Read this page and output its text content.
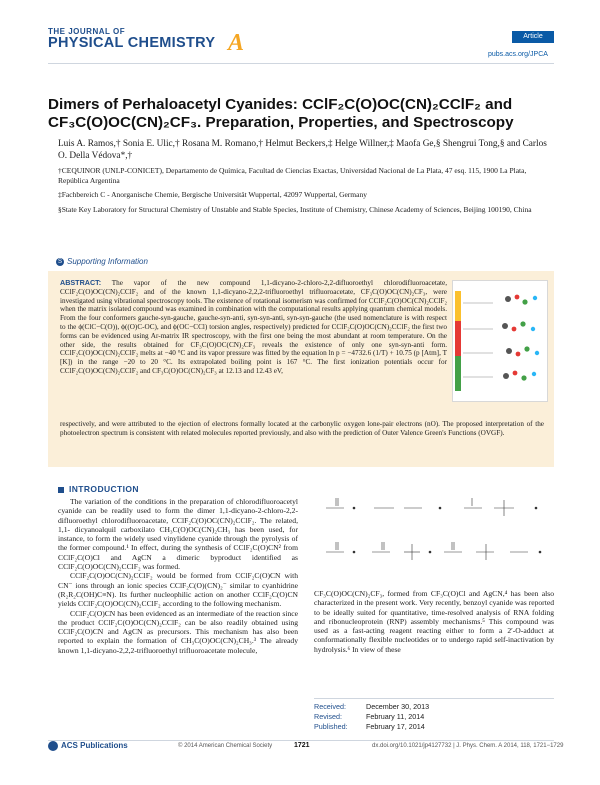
THE JOURNAL OF
PHYSICAL CHEMISTRY A	Article
pubs.acs.org/JPCA
Dimers of Perhaloacetyl Cyanides: CClF₂C(O)OC(CN)₂CClF₂ and CF₃C(O)OC(CN)₂CF₃. Preparation, Properties, and Spectroscopy
Luis A. Ramos,† Sonia E. Ulic,† Rosana M. Romano,† Helmut Beckers,‡ Helge Willner,‡ Maofa Ge,§ Shengrui Tong,§ and Carlos O. Della Védova*,†
†CEQUINOR (UNLP-CONICET), Departamento de Química, Facultad de Ciencias Exactas, Universidad Nacional de La Plata, 47 esq. 115, 1900 La Plata, República Argentina
‡Fachbereich C - Anorganische Chemie, Bergische Universität Wuppertal, 42097 Wuppertal, Germany
§State Key Laboratory for Structural Chemistry of Unstable and Stable Species, Institute of Chemistry, Chinese Academy of Sciences, Beijing 100190, China
S Supporting Information
ABSTRACT: The vapor of the new compound 1,1-dicyano-2-chloro-2,2-difluoroethyl chlorodifluoroacetate, CClF₂C(O)OC(CN)₂CClF₂ and of the known 1,1-dicyano-2,2,2-trifluoroethyl trifluoroacetate, CF₃C(O)OC(CN)₂CF₃, were investigated using vibrational spectroscopy tools. The existence of rotational isomerism was confirmed for CClF₂C(O)OC(CN)₂CClF₂ when the matrix isolated compound was examined in combination with the computational results applying quantum chemical models. From the four conformers gauche-syn-gauche, gauche-syn-anti, syn-syn-anti, syn-syn-gauche (the used nomenclature is with respect to the ϕ(ClC−C(O)), ϕ((O)C-OC), and ϕ(OC−CCl) torsion angles, respectively) predicted for CClF₂C(O)OC(CN)₂CClF₂ the first two forms can be evidenced using Ar-matrix IR spectroscopy, with the first one being the most abundant at room temperature. On the other side, the results obtained for CF₃C(O)OC(CN)₂CF₃ reveals the existence of only one syn-syn-anti form. CClF₂C(O)OC(CN)₂CClF₂ melts at −40 °C and its vapor pressure was fitted by the equation ln p = −4732.6 (1/T) + 10.75 (p [Atm], T [K]) in the range −20 to 20 °C. Its extrapolated boiling point is 167 °C. The first ionization potentials occur for CClF₂C(O)OC(CN)₂CClF₂ and CF₃C(O)OC(CN)₂CF₃ at 12.13 and 12.43 eV,
respectively, and were attributed to the ejection of electrons formally located at the carbonylic oxygen lone-pair electrons (nO). The proposed interpretation of the photoelectron spectrum is consistent with related molecules reported previously, and also with the prediction of Outer Valence Green's Functions (OVGF).
INTRODUCTION

The variation of the conditions in the preparation of chlorodifluoroacetyl cyanide can be readily used to form the dimer 1,1-dicyano-2-chloro-2,2-difluoroethyl chlorodifluoroacetate, CClF₂C(O)OC(CN)₂CClF₂. The related, 1,1- dicyanoalquil carboxilato CH₃C(O)OC(CN)₂CH₃ has been used, for instance, to form the widely used vinylidene cyanide through the pyrolysis of the former compound.¹ In effect, during the synthesis of CClF₂C(O)CN² from CClF₂C(O)Cl and AgCN a dimeric byproduct identified as CClF₂C(O)OC(CN)₂CClF₂ was formed.

CClF₂C(O)OC(CN)₂CClF₂ would be formed from CClF₂C(O)CN with CN⁻ ions through an ionic species CClF₂C(O)(CN)₂⁻ similar to cyanhidrine (R₂R₂C(OH)C≡N). Its further nucleophilic action on another CClF₂C(O)CN yields CClF₂C(O)OC(CN)₂CClF₂ according to the following mechanism.

CClF₂C(O)CN has been evidenced as an intermediate of the reaction since the product CClF₂C(O)OC(CN)₂CClF₂ can be also readily obtained using CClF₂C(O)CN and AgCN as precursors. This mechanism has also been reported to explain the formation of CH₃C(O)OC(CN)₂CH₃.³ The already known 1,1-dicyano-2,2,2-trifluoroethyl trifluoroacetate molecule,

CF₃C(O)OC(CN)₂CF₃, formed from CF₃C(O)Cl and AgCN,⁴ has been also characterized in the present work. Very recently, benzoyl cyanide was reported to be ideally suited for quantitative, time-resolved analysis of RNA folding and ribonucleoprotein (RNP) assembly mechanisms.⁵ This compound was used as a fast-acting reagent reacting either to form a 2′-O-adduct at conformationally flexible nucleotides or to undergo rapid self-inactivation by hydrolysis.⁶ In view of these
Received:	December 30, 2013
Revised:	February 11, 2014
Published:	February 17, 2014
ACS Publications	© 2014 American Chemical Society	1721	dx.doi.org/10.1021/jp4127732 | J. Phys. Chem. A 2014, 118, 1721−1729
